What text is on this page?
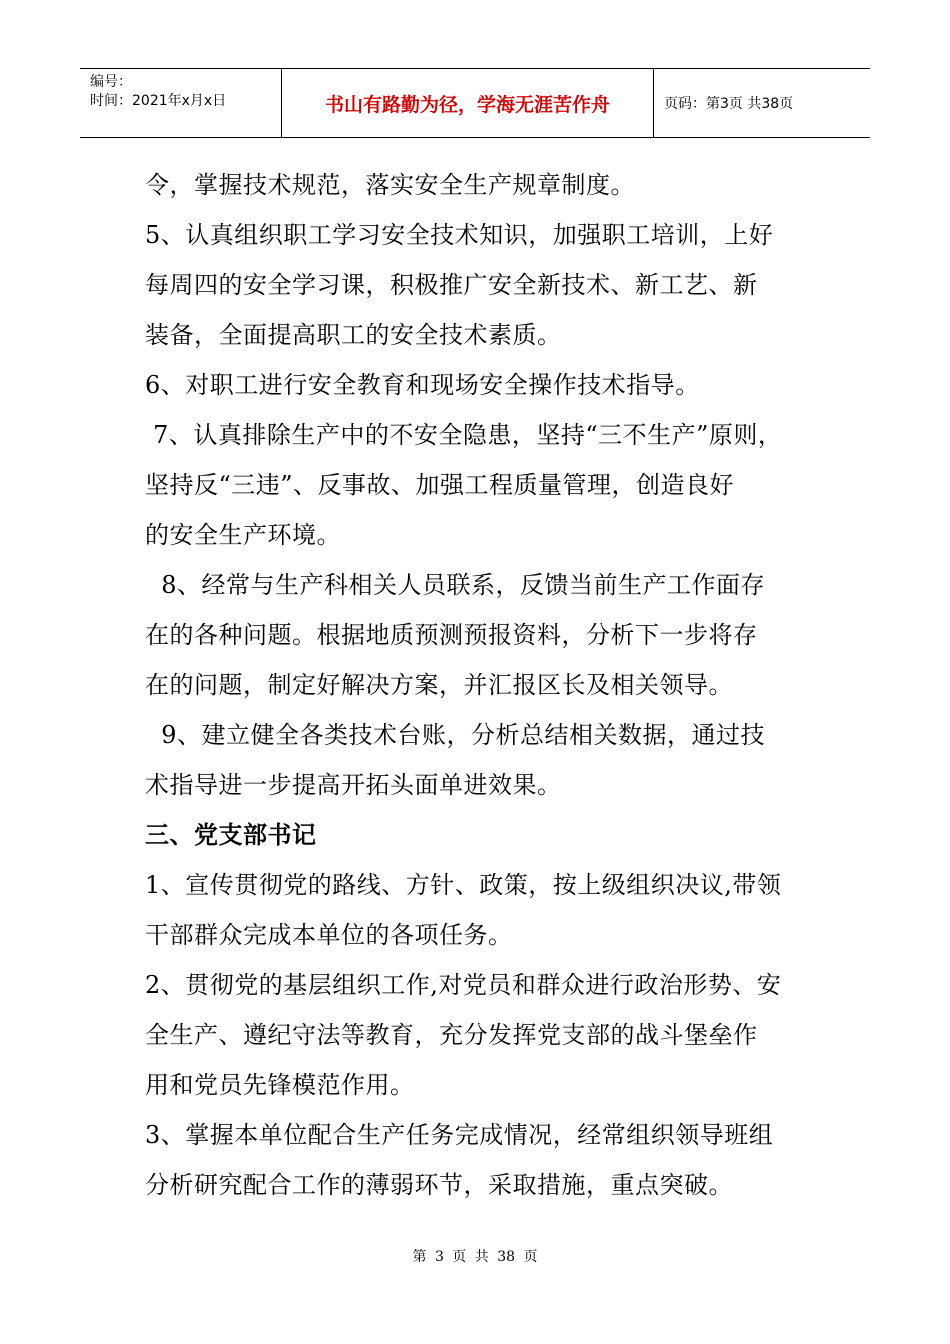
编号：
时间：2021年x月x日	书山有路勤为径，学海无涯苦作舟	页码：第3页 共38页
令，掌握技术规范，落实安全生产规章制度。
5、认真组织职工学习安全技术知识，加强职工培训，上好
每周四的安全学习课，积极推广安全新技术、新工艺、新
装备，全面提高职工的安全技术素质。
6、对职工进行安全教育和现场安全操作技术指导。
7、认真排除生产中的不安全隐患，坚持“三不生产”原则，
坚持反“三违”、反事故、加强工程质量管理，创造良好
的安全生产环境。
8、经常与生产科相关人员联系，反馈当前生产工作面存
在的各种问题。根据地质预测预报资料，分析下一步将存
在的问题，制定好解决方案，并汇报区长及相关领导。
9、建立健全各类技术台账，分析总结相关数据，通过技
术指导进一步提高开拓头面单进效果。
三、党支部书记
1、宣传贯彻党的路线、方针、政策，按上级组织决议,带领
干部群众完成本单位的各项任务。
2、贯彻党的基层组织工作,对党员和群众进行政治形势、安
全生产、遵纪守法等教育，充分发挥党支部的战斗堡垒作
用和党员先锋模范作用。
3、掌握本单位配合生产任务完成情况，经常组织领导班组
分析研究配合工作的薄弱环节，采取措施，重点突破。
第 3 页 共 38 页
